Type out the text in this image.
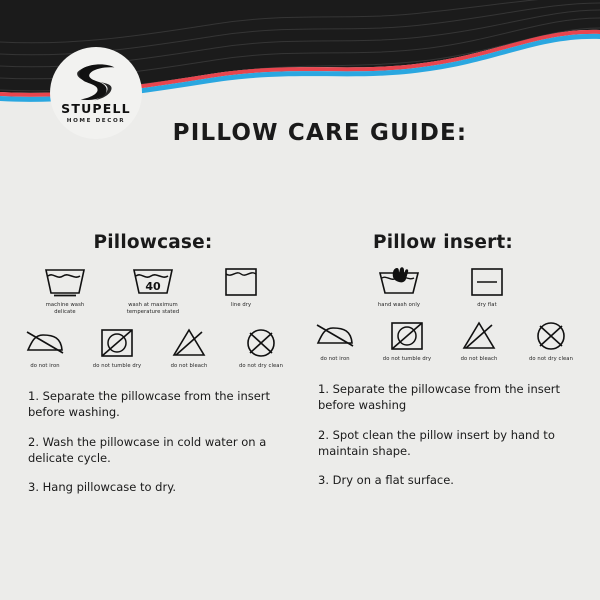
STUPELL
HOME DECOR	PILLOW CARE GUIDE:
Pillowcase:
machine wash
delicate
40
wash at maximum
temperature stated
line dry
do not iron	do not tumble dry	do not bleach	do not dry clean
1. Separate the pillowcase from the insert before washing.
2. Wash the pillowcase in cold water on a delicate cycle.
3. Hang pillowcase to dry.
Pillow insert:
hand wash only	dry flat
do not iron	do not tumble dry	do not bleach	do not dry clean
1. Separate the pillowcase from the insert before washing
2. Spot clean the pillow insert by hand to maintain shape.
3. Dry on a flat surface.
